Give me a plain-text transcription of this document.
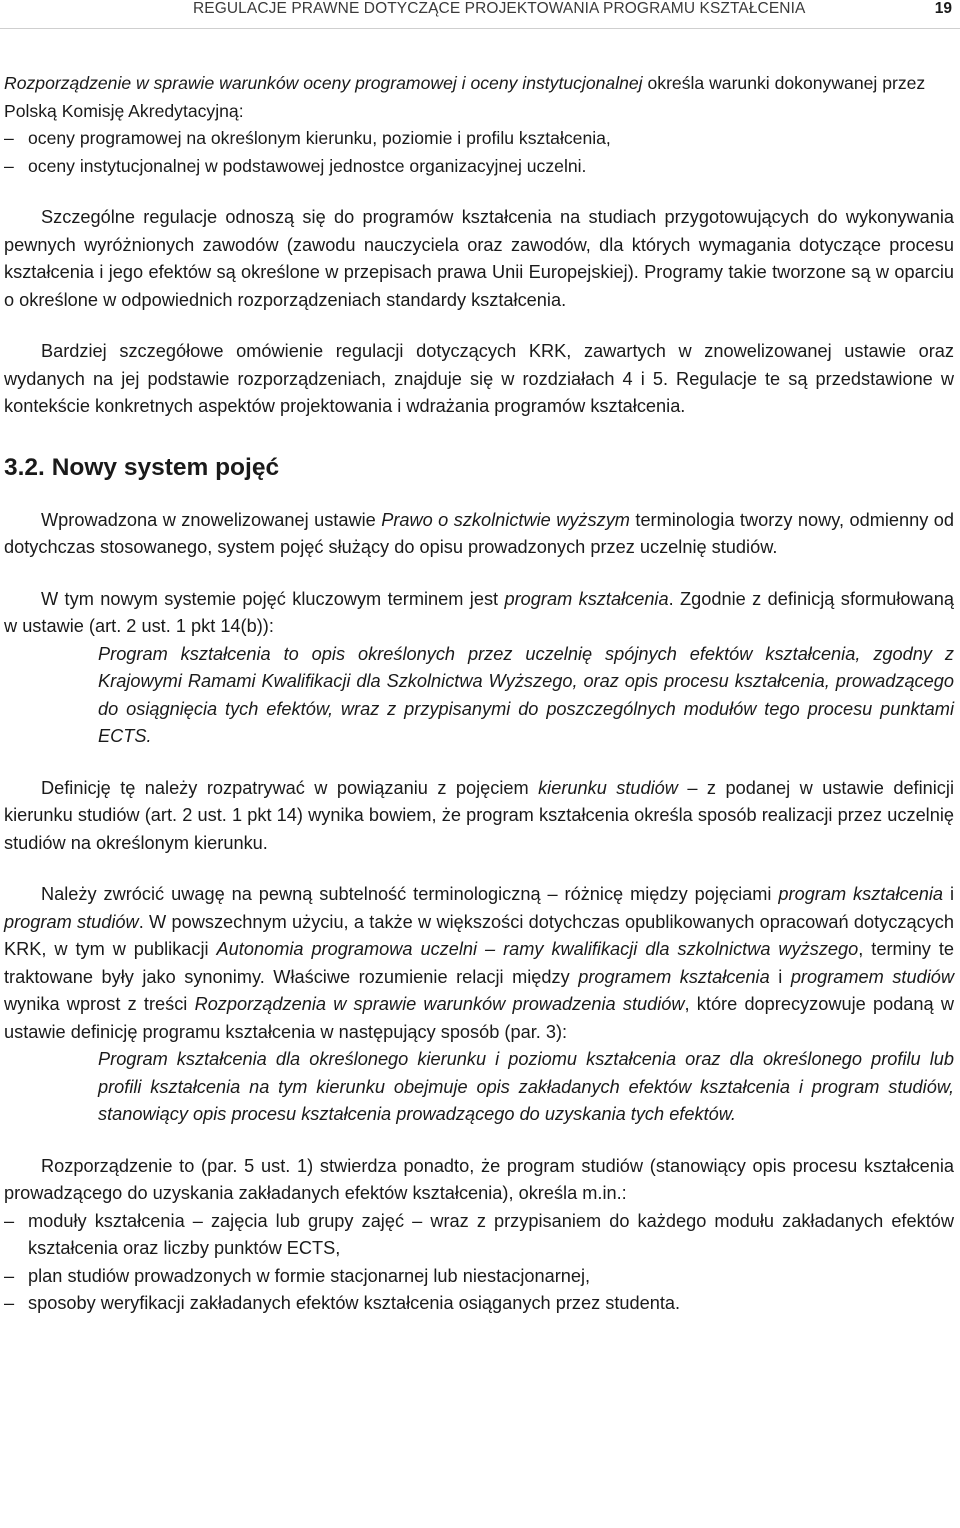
REGULACJE PRAWNE DOTYCZĄCE PROJEKTOWANIA PROGRAMU KSZTAŁCENIA	19

Rozporządzenie w sprawie warunków oceny programowej i oceny instytucjonalnej określa warunki dokonywanej przez Polską Komisję Akredytacyjną:

– oceny programowej na określonym kierunku, poziomie i profilu kształcenia,
– oceny instytucjonalnej w podstawowej jednostce organizacyjnej uczelni.

Szczególne regulacje odnoszą się do programów kształcenia na studiach przygotowujących do wykonywania pewnych wyróżnionych zawodów (zawodu nauczyciela oraz zawodów, dla których wymagania dotyczące procesu kształcenia i jego efektów są określone w przepisach prawa Unii Europejskiej). Programy takie tworzone są w oparciu o określone w odpowiednich rozporządzeniach standardy kształcenia.

Bardziej szczegółowe omówienie regulacji dotyczących KRK, zawartych w znowelizowanej ustawie oraz wydanych na jej podstawie rozporządzeniach, znajduje się w rozdziałach 4 i 5. Regulacje te są przedstawione w kontekście konkretnych aspektów projektowania i wdrażania programów kształcenia.

3.2. Nowy system pojęć

Wprowadzona w znowelizowanej ustawie Prawo o szkolnictwie wyższym terminologia tworzy nowy, odmienny od dotychczas stosowanego, system pojęć służący do opisu prowadzonych przez uczelnię studiów.

W tym nowym systemie pojęć kluczowym terminem jest program kształcenia. Zgodnie z definicją sformułowaną w ustawie (art. 2 ust. 1 pkt 14(b)):

Program kształcenia to opis określonych przez uczelnię spójnych efektów kształcenia, zgodny z Krajowymi Ramami Kwalifikacji dla Szkolnictwa Wyższego, oraz opis procesu kształcenia, prowadzącego do osiągnięcia tych efektów, wraz z przypisanymi do poszczególnych modułów tego procesu punktami ECTS.

Definicję tę należy rozpatrywać w powiązaniu z pojęciem kierunku studiów – z podanej w ustawie definicji kierunku studiów (art. 2 ust. 1 pkt 14) wynika bowiem, że program kształcenia określa sposób realizacji przez uczelnię studiów na określonym kierunku.

Należy zwrócić uwagę na pewną subtelność terminologiczną – różnicę między pojęciami program kształcenia i program studiów. W powszechnym użyciu, a także w większości dotychczas opublikowanych opracowań dotyczących KRK, w tym w publikacji Autonomia programowa uczelni – ramy kwalifikacji dla szkolnictwa wyższego, terminy te traktowane były jako synonimy. Właściwe rozumienie relacji między programem kształcenia i programem studiów wynika wprost z treści Rozporządzenia w sprawie warunków prowadzenia studiów, które doprecyzowuje podaną w ustawie definicję programu kształcenia w następujący sposób (par. 3):

Program kształcenia dla określonego kierunku i poziomu kształcenia oraz dla określonego profilu lub profili kształcenia na tym kierunku obejmuje opis zakładanych efektów kształcenia i program studiów, stanowiący opis procesu kształcenia prowadzącego do uzyskania tych efektów.

Rozporządzenie to (par. 5 ust. 1) stwierdza ponadto, że program studiów (stanowiący opis procesu kształcenia prowadzącego do uzyskania zakładanych efektów kształcenia), określa m.in.:

– moduły kształcenia – zajęcia lub grupy zajęć – wraz z przypisaniem do każdego modułu zakładanych efektów kształcenia oraz liczby punktów ECTS,
– plan studiów prowadzonych w formie stacjonarnej lub niestacjonarnej,
– sposoby weryfikacji zakładanych efektów kształcenia osiąganych przez studenta.
